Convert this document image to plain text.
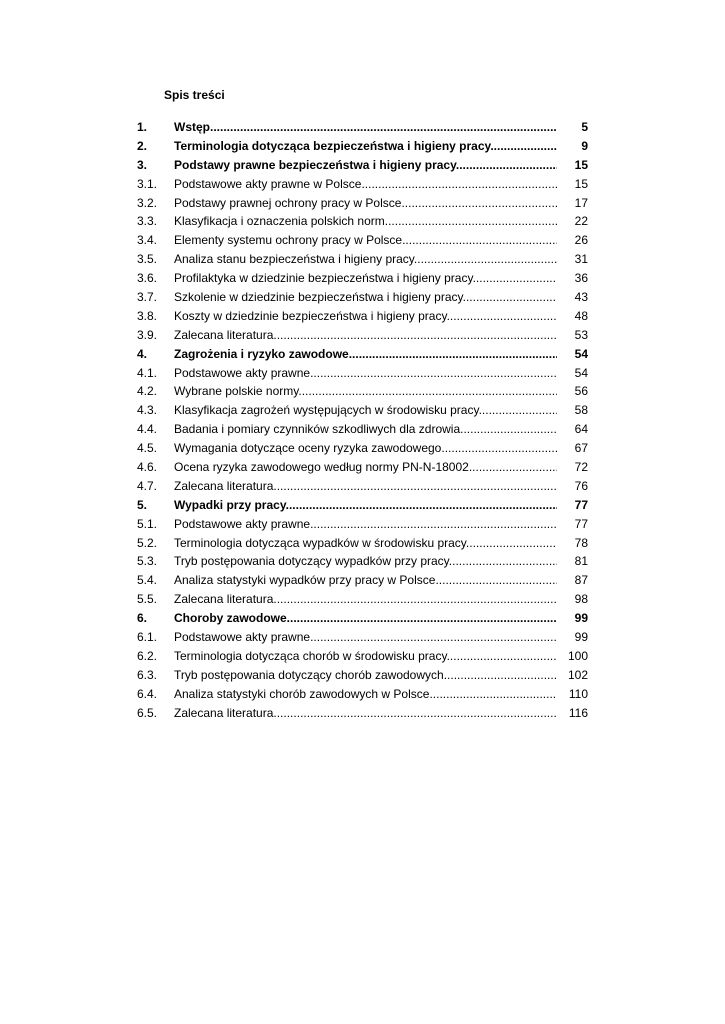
Spis treści
1.	Wstęp .....	5
2.	Terminologia dotycząca bezpieczeństwa i higieny pracy .....	9
3.	Podstawy prawne bezpieczeństwa i higieny pracy .....	15
3.1.	Podstawowe akty prawne w Polsce .....	15
3.2.	Podstawy prawnej ochrony pracy w Polsce .....	17
3.3.	Klasyfikacja i oznaczenia polskich norm .....	22
3.4.	Elementy systemu ochrony pracy w Polsce .....	26
3.5.	Analiza stanu bezpieczeństwa i higieny pracy .....	31
3.6.	Profilaktyka w dziedzinie bezpieczeństwa i higieny pracy .....	36
3.7.	Szkolenie w dziedzinie bezpieczeństwa i higieny pracy .....	43
3.8.	Koszty w dziedzinie bezpieczeństwa i higieny pracy .....	48
3.9.	Zalecana literatura .....	53
4.	Zagrożenia i ryzyko zawodowe .....	54
4.1.	Podstawowe akty prawne .....	54
4.2.	Wybrane polskie normy .....	56
4.3.	Klasyfikacja zagrożeń występujących w środowisku pracy .....	58
4.4.	Badania i pomiary czynników szkodliwych dla zdrowia .....	64
4.5.	Wymagania dotyczące oceny ryzyka zawodowego .....	67
4.6.	Ocena ryzyka zawodowego według normy PN-N-18002 .....	72
4.7.	Zalecana literatura .....	76
5.	Wypadki przy pracy .....	77
5.1.	Podstawowe akty prawne .....	77
5.2.	Terminologia dotycząca wypadków w środowisku pracy .....	78
5.3.	Tryb postępowania dotyczący wypadków przy pracy .....	81
5.4.	Analiza statystyki wypadków przy pracy w Polsce .....	87
5.5.	Zalecana literatura .....	98
6.	Choroby zawodowe .....	99
6.1.	Podstawowe akty prawne .....	99
6.2.	Terminologia dotycząca chorób w środowisku pracy .....	100
6.3.	Tryb postępowania dotyczący chorób zawodowych .....	102
6.4.	Analiza statystyki chorób zawodowych w Polsce .....	110
6.5.	Zalecana literatura .....	116
